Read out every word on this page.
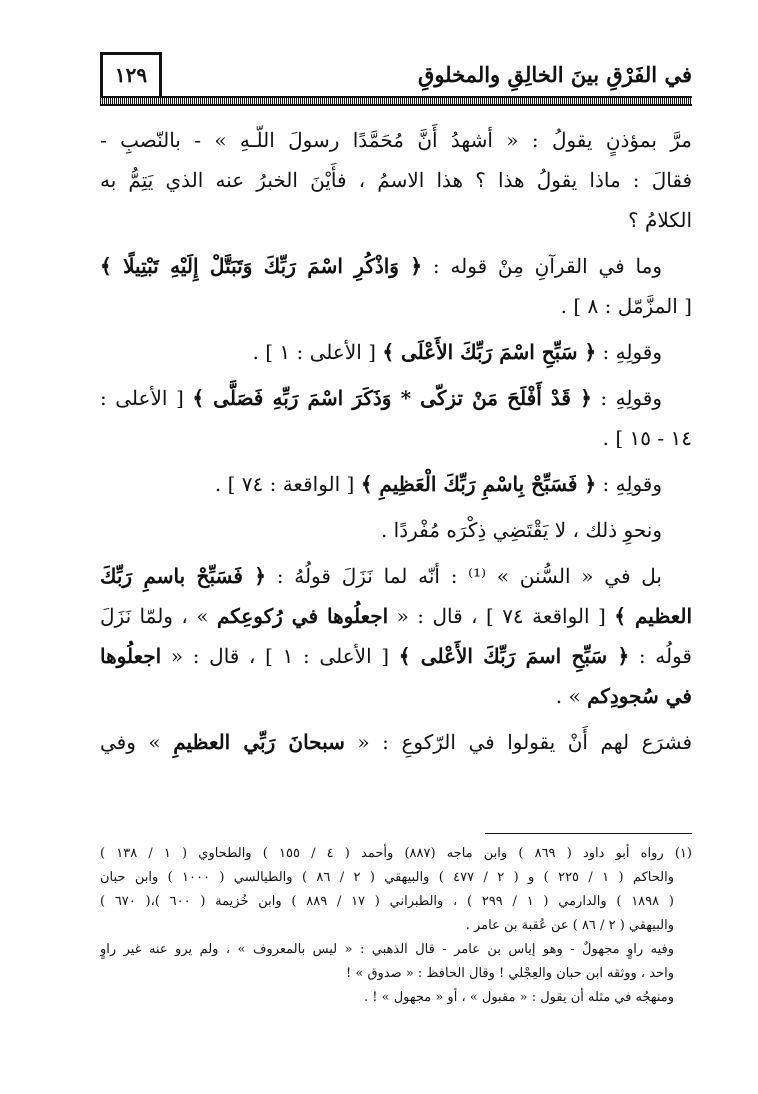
في الفَرْقِ بينَ الخالِقِ والمخلوقِ
١٢٩
مرَّ بمؤذنٍ يقولُ : « أشهدُ أَنَّ مُحَمَّدًا رسولَ اللّـهِ » - بالنّصبِ -
فقالَ : ماذا يقولُ هذا ؟ هذا الاسمُ ، فأَيْنَ الخبرُ عنه الذي يَتِمُّ به
الكلامُ ؟
وما في القرآنِ مِنْ قوله : ﴿ وَاذْكُرِ اسْمَ رَبِّكَ وَتَبَتَّلْ إِلَيْهِ تَبْتِيلًا ﴾
[ المزَّمّل : ٨ ] .
وقولِهِ : ﴿ سَبِّحِ اسْمَ رَبِّكَ الأَعْلَى ﴾ [ الأعلى : ١ ] .
وقولِهِ : ﴿ قَدْ أَفْلَحَ مَنْ تزكّى * وَذَكَرَ اسْمَ رَبِّهِ فَصَلَّى ﴾ [ الأعلى :
١٤ - ١٥ ] .
وقولِهِ : ﴿ فَسَبِّحْ بِاسْمِ رَبِّكَ الْعَظِيمِ ﴾ [ الواقعة : ٧٤ ] .
ونحوِ ذلك ، لا يَقْتَضِي ذِكْرَه مُفْردًا .
بل في « السُّنن » ⁽¹⁾ : أنّه لما نَزَلَ قولُهُ : ﴿ فَسَبِّحْ باسمِ رَبِّكَ
العظيم ﴾ [ الواقعة ٧٤ ] ، قال : « اجعلُوها في رُكوعِكم » ، ولمّا نَزَلَ
قولُه : ﴿ سَبِّحِ اسمَ رَبِّكَ الأَعْلى ﴾ [ الأعلى : ١ ] ، قال : « اجعلُوها
في سُجودِكم » .
فشرَع لهم أَنْ يقولوا في الرّكوعِ : « سبحانَ رَبِّي العظيمِ » وفي
(١) رواه أبو داود ( ٨٦٩ ) وابن ماجه (٨٨٧) وأحمد ( ٤ / ١٥٥ ) والطحاوي ( ١ / ١٣٨ )
والحاكم ( ١ / ٢٢٥ ) و ( ٢ / ٤٧٧ ) والبيهقي ( ٢ / ٨٦ ) والطيالسي ( ١٠٠٠ ) وابن حبان
( ١٨٩٨ ) والدارمي ( ١ / ٢٩٩ ) ، والطبراني ( ١٧ / ٨٨٩ ) وابن خُزيمة ( ٦٠٠ )،( ٦٧٠ )
والبيهقي ( ٢ / ٨٦ ) عن عُقبة بن عامر .
وفيه راوٍ مجهولٌ - وهو إياس بن عامر - قال الذهبي : « ليس بالمعروف » ، ولم يرو عنه غير راوٍ
واحد ، ووثقه ابن حبان والعِجْلي ! وقال الحافظ : « صدوق » !
ومنهجُه في مثله أن يقول : « مقبول » ، أو « مجهول » ! .
